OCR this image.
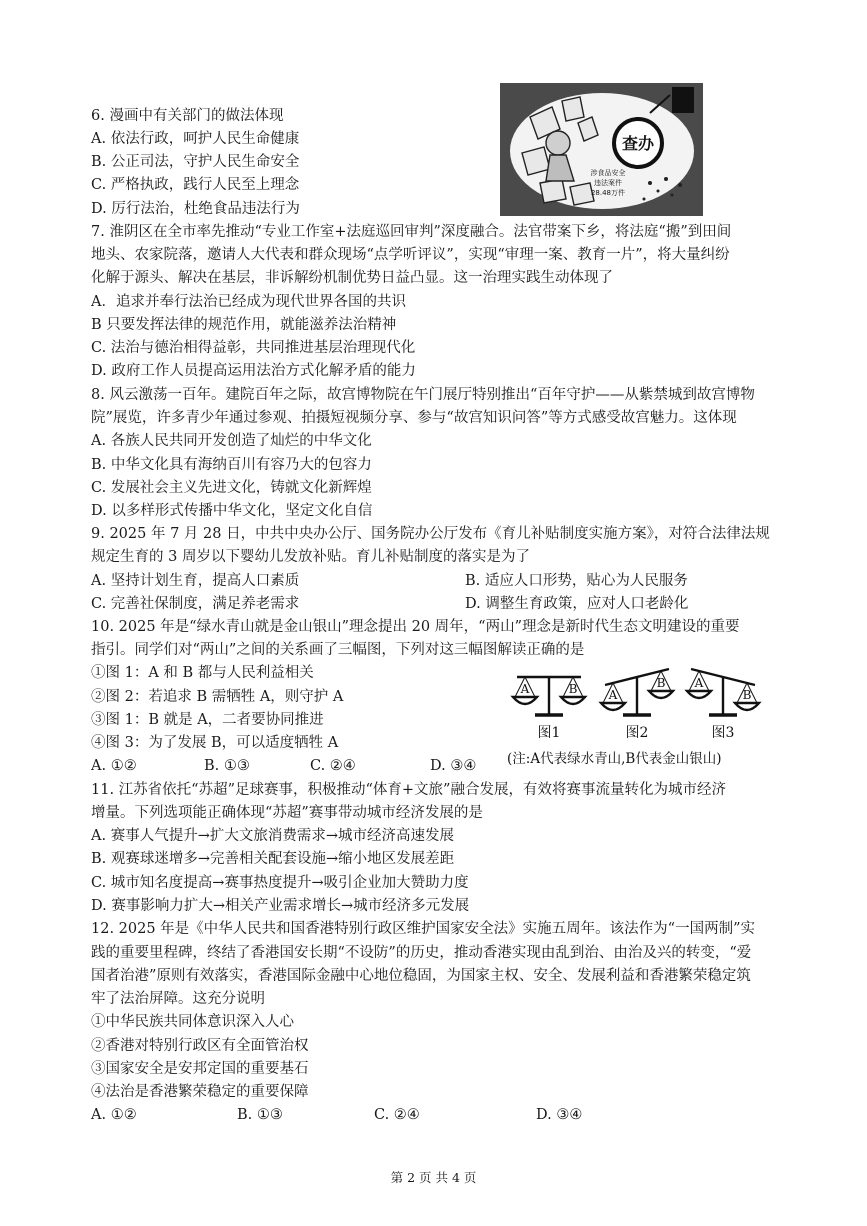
6. 漫画中有关部门的做法体现
A. 依法行政，呵护人民生命健康
B. 公正司法，守护人民生命安全
C. 严格执政，践行人民至上理念
D. 厉行法治，杜绝食品违法行为
查办
涉食品安全
违法案件
28.48万件
7. 淮阴区在全市率先推动“专业工作室+法庭巡回审判”深度融合。法官带案下乡，将法庭“搬”到田间
地头、农家院落，邀请人大代表和群众现场“点学听评议”，实现“审理一案、教育一片”，将大量纠纷
化解于源头、解决在基层，非诉解纷机制优势日益凸显。这一治理实践生动体现了
A．追求并奉行法治已经成为现代世界各国的共识
B 只要发挥法律的规范作用，就能滋养法治精神
C. 法治与德治相得益彰，共同推进基层治理现代化
D. 政府工作人员提高运用法治方式化解矛盾的能力
8. 风云激荡一百年。建院百年之际，故宫博物院在午门展厅特别推出“百年守护——从紫禁城到故宫博物
院”展览，许多青少年通过参观、拍摄短视频分享、参与“故宫知识问答”等方式感受故宫魅力。这体现
A. 各族人民共同开发创造了灿烂的中华文化
B. 中华文化具有海纳百川有容乃大的包容力
C. 发展社会主义先进文化，铸就文化新辉煌
D. 以多样形式传播中华文化，坚定文化自信
9. 2025 年 7 月 28 日，中共中央办公厅、国务院办公厅发布《育儿补贴制度实施方案》，对符合法律法规
规定生育的 3 周岁以下婴幼儿发放补贴。育儿补贴制度的落实是为了
A. 坚持计划生育，提高人口素质	B. 适应人口形势，贴心为人民服务
C. 完善社保制度，满足养老需求	D. 调整生育政策，应对人口老龄化
10. 2025 年是“绿水青山就是金山银山”理念提出 20 周年，“两山”理念是新时代生态文明建设的重要
指引。同学们对“两山”之间的关系画了三幅图，下列对这三幅图解读正确的是
①图 1：A 和 B 都与人民利益相关
②图 2：若追求 B 需牺牲 A，则守护 A
③图 1：B 就是 A，二者要协同推进
④图 3：为了发展 B，可以适度牺牲 A
A. ①②	B. ①③	C. ②④	D. ③④
A	B	A
B A
B
图1	图2	图3
(注:A代表绿水青山,B代表金山银山)
11. 江苏省依托“苏超”足球赛事，积极推动“体育+文旅”融合发展，有效将赛事流量转化为城市经济
增量。下列选项能正确体现“苏超”赛事带动城市经济发展的是
A. 赛事人气提升→扩大文旅消费需求→城市经济高速发展
B. 观赛球迷增多→完善相关配套设施→缩小地区发展差距
C. 城市知名度提高→赛事热度提升→吸引企业加大赞助力度
D. 赛事影响力扩大→相关产业需求增长→城市经济多元发展
12. 2025 年是《中华人民共和国香港特别行政区维护国家安全法》实施五周年。该法作为“一国两制”实
践的重要里程碑，终结了香港国安长期“不设防”的历史，推动香港实现由乱到治、由治及兴的转变，“爱
国者治港”原则有效落实，香港国际金融中心地位稳固，为国家主权、安全、发展利益和香港繁荣稳定筑
牢了法治屏障。这充分说明
①中华民族共同体意识深入人心
②香港对特别行政区有全面管治权
③国家安全是安邦定国的重要基石
④法治是香港繁荣稳定的重要保障
A. ①②	B. ①③	C. ②④	D. ③④
第 2 页 共 4 页
